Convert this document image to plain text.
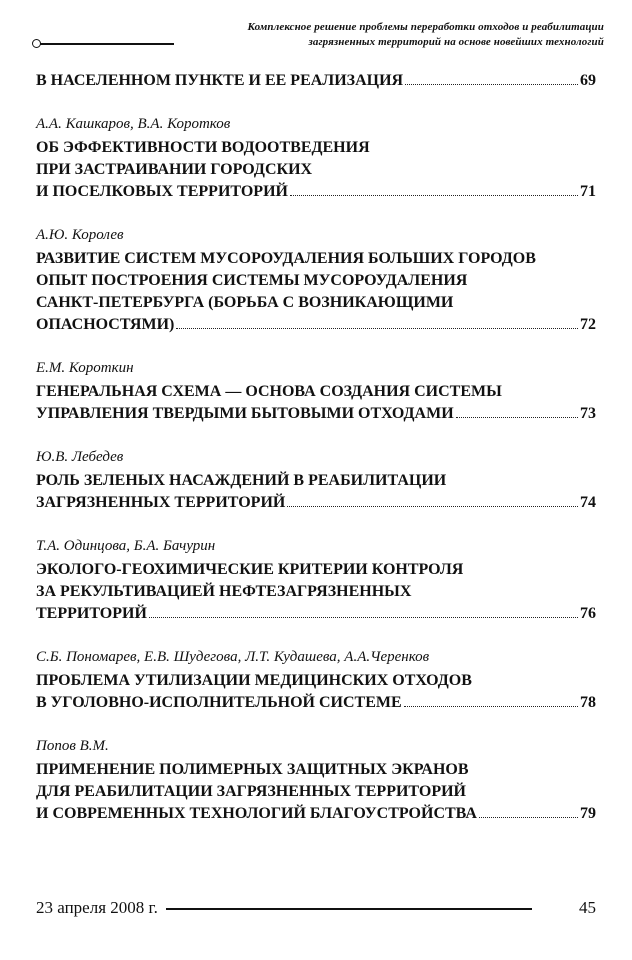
Комплексное решение проблемы переработки отходов и реабилитации
загрязненных территорий на основе новейших технологий
В НАСЕЛЕННОМ ПУНКТЕ И ЕЕ РЕАЛИЗАЦИЯ	69
А.А. Кашкаров, В.А. Коротков
ОБ ЭФФЕКТИВНОСТИ ВОДООТВЕДЕНИЯ
ПРИ ЗАСТРАИВАНИИ ГОРОДСКИХ
И ПОСЕЛКОВЫХ ТЕРРИТОРИЙ	71
А.Ю. Королев
РАЗВИТИЕ СИСТЕМ МУСОРОУДАЛЕНИЯ БОЛЬШИХ ГОРОДОВ
ОПЫТ ПОСТРОЕНИЯ СИСТЕМЫ МУСОРОУДАЛЕНИЯ
САНКТ-ПЕТЕРБУРГА (БОРЬБА С ВОЗНИКАЮЩИМИ
ОПАСНОСТЯМИ)	72
Е.М. Короткин
ГЕНЕРАЛЬНАЯ СХЕМА — ОСНОВА СОЗДАНИЯ СИСТЕМЫ
УПРАВЛЕНИЯ ТВЕРДЫМИ БЫТОВЫМИ ОТХОДАМИ	73
Ю.В. Лебедев
РОЛЬ ЗЕЛЕНЫХ НАСАЖДЕНИЙ В РЕАБИЛИТАЦИИ
ЗАГРЯЗНЕННЫХ ТЕРРИТОРИЙ	74
Т.А. Одинцова, Б.А. Бачурин
ЭКОЛОГО-ГЕОХИМИЧЕСКИЕ КРИТЕРИИ КОНТРОЛЯ
ЗА РЕКУЛЬТИВАЦИЕЙ НЕФТЕЗАГРЯЗНЕННЫХ
ТЕРРИТОРИЙ	76
С.Б. Пономарев, Е.В. Шудегова, Л.Т. Кудашева, А.А.Черенков
ПРОБЛЕМА УТИЛИЗАЦИИ МЕДИЦИНСКИХ ОТХОДОВ
В УГОЛОВНО-ИСПОЛНИТЕЛЬНОЙ СИСТЕМЕ	78
Попов В.М.
ПРИМЕНЕНИЕ ПОЛИМЕРНЫХ ЗАЩИТНЫХ ЭКРАНОВ
ДЛЯ РЕАБИЛИТАЦИИ ЗАГРЯЗНЕННЫХ ТЕРРИТОРИЙ
И СОВРЕМЕННЫХ ТЕХНОЛОГИЙ БЛАГОУСТРОЙСТВА	79
23 апреля 2008 г.	45
